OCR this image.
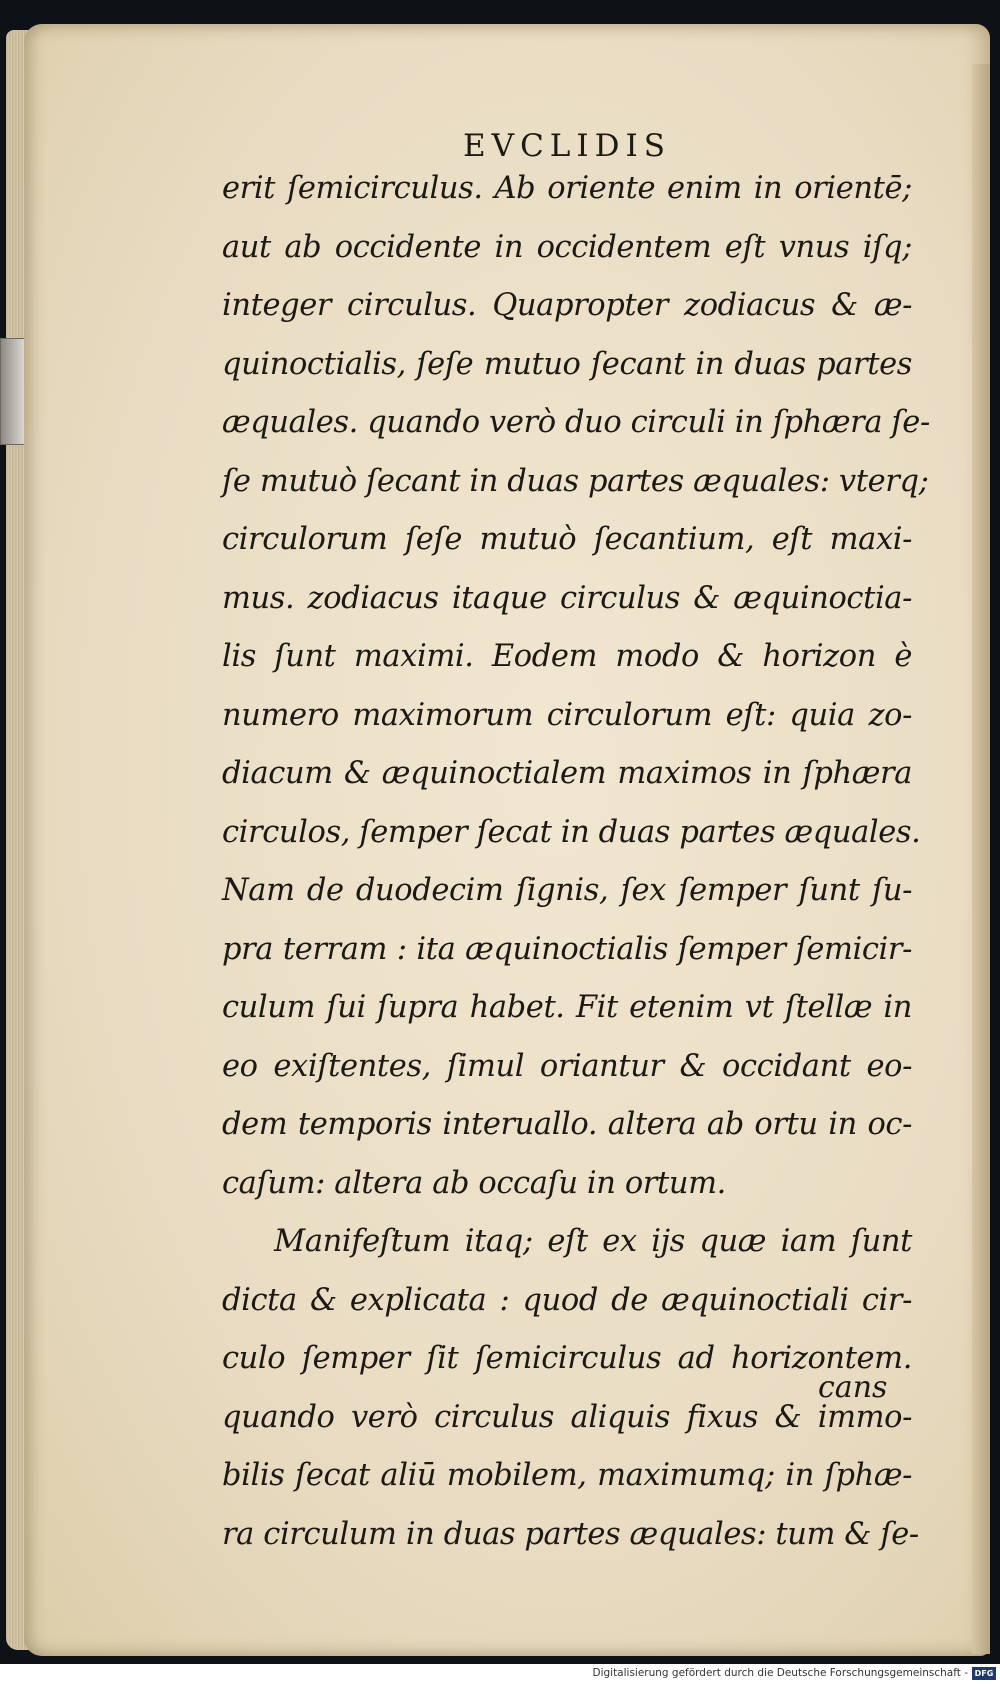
EVCLIDIS
erit ſemicirculus. Ab oriente enim in orientē;
aut ab occidente in occidentem eſt vnus iſq;
integer circulus. Quapropter zodiacus & æ-
quinoctialis, ſeſe mutuo ſecant in duas partes
æquales. quando verò duo circuli in ſphæra ſe-
ſe mutuò ſecant in duas partes æquales: vterq;
circulorum ſeſe mutuò ſecantium, eſt maxi-
mus. zodiacus itaque circulus & æquinoctia-
lis ſunt maximi. Eodem modo & horizon è
numero maximorum circulorum eſt: quia zo-
diacum & æquinoctialem maximos in ſphæra
circulos, ſemper ſecat in duas partes æquales.
Nam de duodecim ſignis, ſex ſemper ſunt ſu-
pra terram : ita æquinoctialis ſemper ſemicir-
culum ſui ſupra habet. Fit etenim vt ſtellæ in
eo exiſtentes, ſimul oriantur & occidant eo-
dem temporis interuallo. altera ab ortu in oc-
caſum: altera ab occaſu in ortum.
Manifeſtum itaq; eſt ex ijs quæ iam ſunt
dicta & explicata : quod de æquinoctiali cir-
culo ſemper ſit ſemicirculus ad horizontem.
quando verò circulus aliquis fixus & immo-
bilis ſecat aliū mobilem, maximumq; in ſphæ-
ra circulum in duas partes æquales: tum & ſe-
cans
Digitalisierung gefördert durch die Deutsche Forschungsgemeinschaft - DFG
